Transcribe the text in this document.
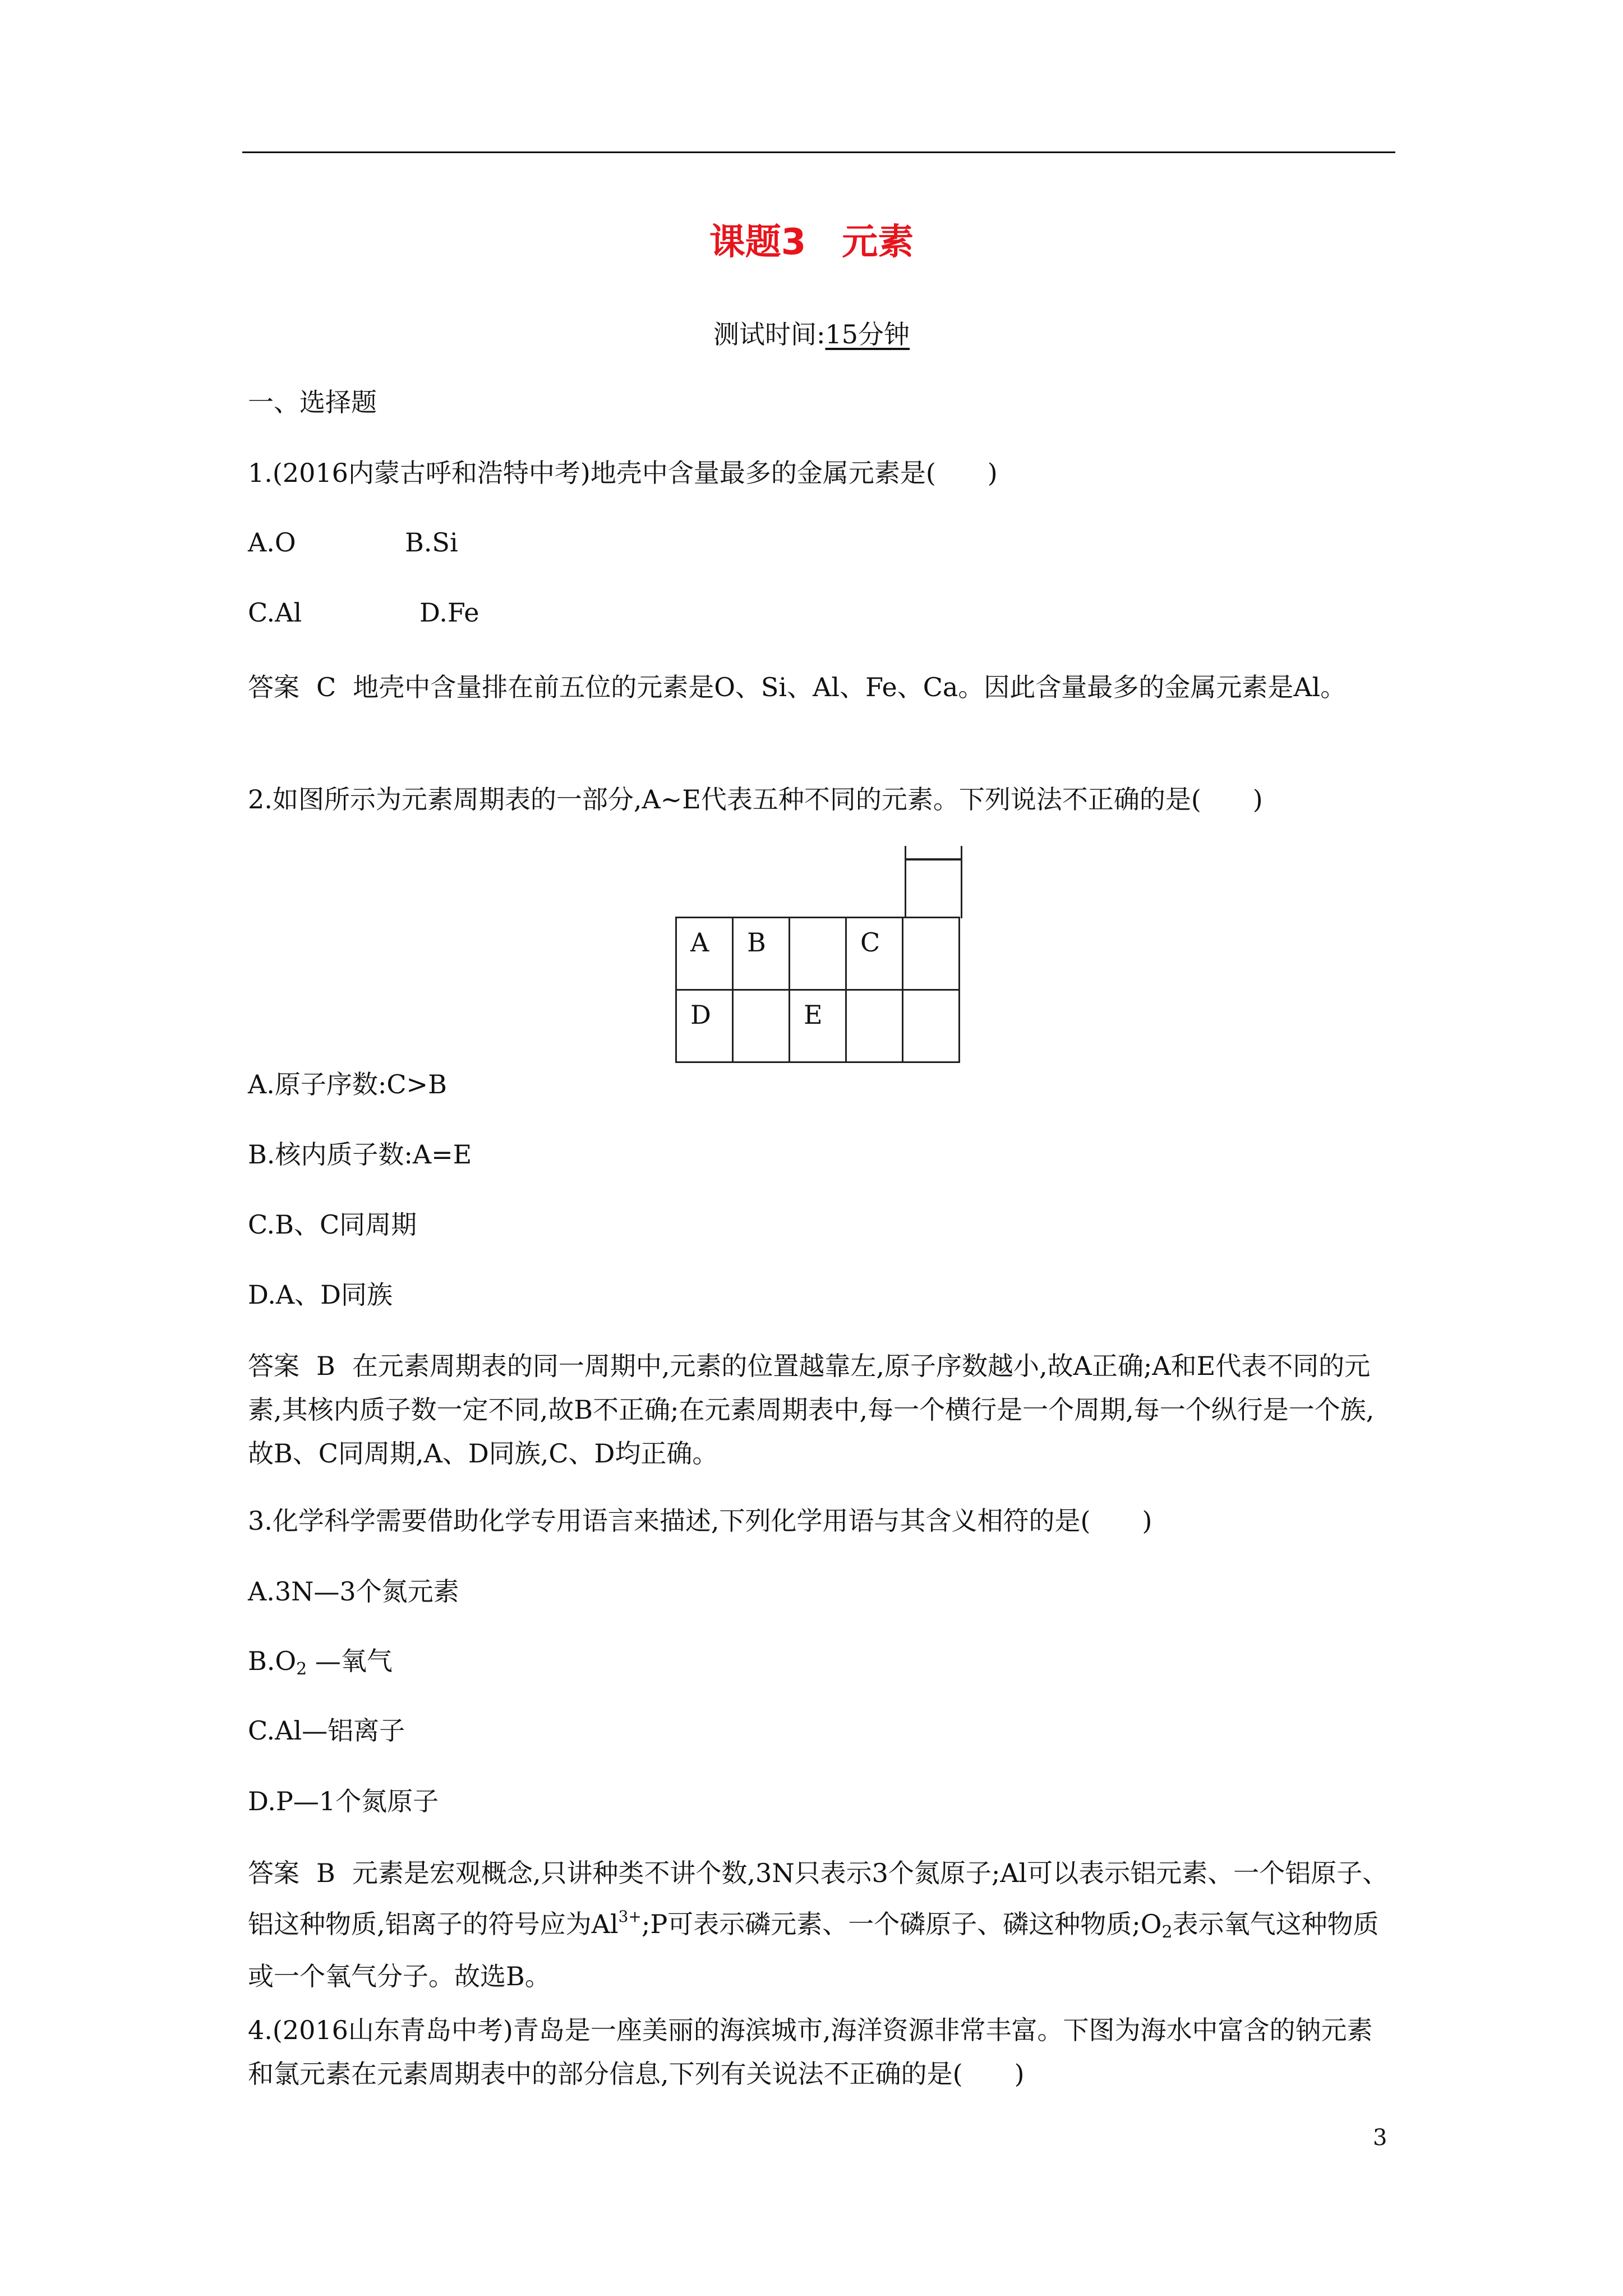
课题3　元素
测试时间:15分钟
一、选择题
1.(2016内蒙古呼和浩特中考)地壳中含量最多的金属元素是(　　)
A.O	B.Si
C.Al	D.Fe
答案 C 地壳中含量排在前五位的元素是O、Si、Al、Fe、Ca。因此含量最多的金属元素是Al。
2.如图所示为元素周期表的一部分,A~E代表五种不同的元素。下列说法不正确的是(　　)
A	B		C	
D		E		
A.原子序数:C>B
B.核内质子数:A=E
C.B、C同周期
D.A、D同族
答案 B 在元素周期表的同一周期中,元素的位置越靠左,原子序数越小,故A正确;A和E代表不同的元素,其核内质子数一定不同,故B不正确;在元素周期表中,每一个横行是一个周期,每一个纵行是一个族,故B、C同周期,A、D同族,C、D均正确。
3.化学科学需要借助化学专用语言来描述,下列化学用语与其含义相符的是(　　)
A.3N—3个氮元素
$B.O_2$ —氧气
C.Al—铝离子
D.P—1个氮原子
答案 B 元素是宏观概念,只讲种类不讲个数,3N只表示3个氮原子;Al可以表示铝元素、一个铝原子、铝这种物质,铝离子的符号应为$Al^{3+};P$可表示磷元素、一个磷原子、磷这种物质$;O_2$表示氧气这种物质或一个氧气分子。故选B。
4.(2016山东青岛中考)青岛是一座美丽的海滨城市,海洋资源非常丰富。下图为海水中富含的钠元素和氯元素在元素周期表中的部分信息,下列有关说法不正确的是(　　)
3
